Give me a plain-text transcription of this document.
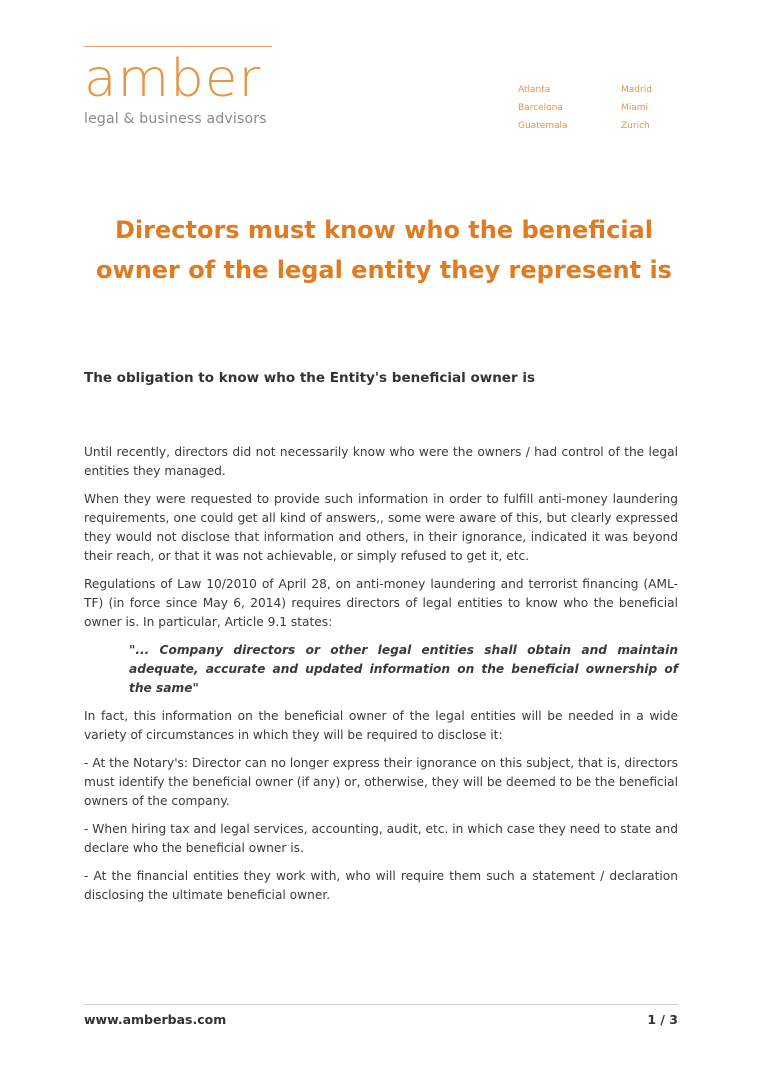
amber
legal & business advisors
Atlanta	Madrid
Barcelona	Miami
Guatemala	Zurich
Directors must know who the beneficial
owner of the legal entity they represent is
The obligation to know who the Entity's beneficial owner is

Until recently, directors did not necessarily know who were the owners / had control of the legal entities they managed.

When they were requested to provide such information in order to fulfill anti-money laundering requirements, one could get all kind of answers,, some were aware of this, but clearly expressed they would not disclose that information and others, in their ignorance, indicated it was beyond their reach, or that it was not achievable, or simply refused to get it, etc.

Regulations of Law 10/2010 of April 28, on anti-money laundering and terrorist financing (AML-TF) (in force since May 6, 2014) requires directors of legal entities to know who the beneficial owner is. In particular, Article 9.1 states:

"... Company directors or other legal entities shall obtain and maintain adequate, accurate and updated information on the beneficial ownership of the same"

In fact, this information on the beneficial owner of the legal entities will be needed in a wide variety of circumstances in which they will be required to disclose it:

- At the Notary's: Director can no longer express their ignorance on this subject, that is, directors must identify the beneficial owner (if any) or, otherwise, they will be deemed to be the beneficial owners of the company.

- When hiring tax and legal services, accounting, audit, etc. in which case they need to state and declare who the beneficial owner is.

- At the financial entities they work with, who will require them such a statement / declaration disclosing the ultimate beneficial owner.

www.amberbas.com	1 / 3
